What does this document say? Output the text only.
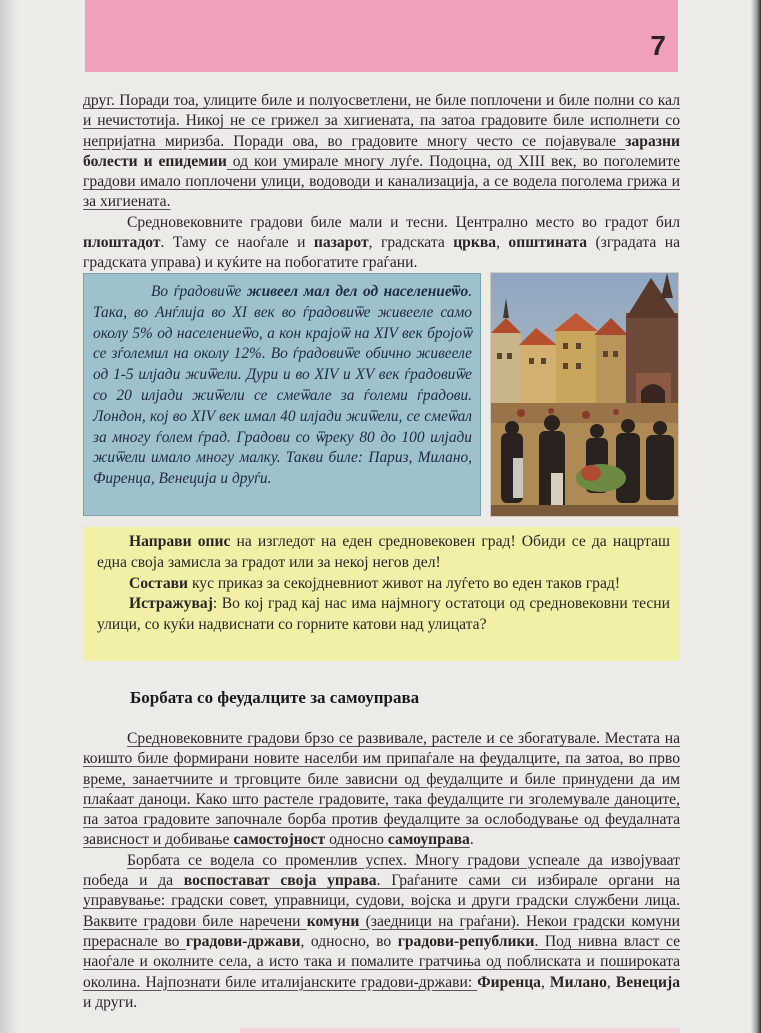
7

друг. Поради тоа, улиците биле и полуосветлени, не биле поплочени и биле полни со кал и нечистотија. Никој не се грижел за хигиената, па затоа градовите биле исполнети со непријатна миризба. Поради ова, во градовите многу често се појавувале заразни болести и епидемии од кои умирале многу луѓе. Подоцна, од XIII век, во поголемите градови имало поплочени улици, водоводи и канализација, а се водела поголема грижа и за хигиената.

Средновековните градови биле мали и тесни. Централно место во градот бил плоштадот. Таму се наоѓале и пазарот, градската црква, општината (зградата на градската управа) и куќите на побогатите граѓани.

Во ѓрадовиѿе живеел мал дел од населениеѿо. Така, во Анѓлија во XI век во ѓрадовиѿе живееле само околу 5% од населениеѿо, а кон крајоѿ на XIV век бројоѿ се зѓолемил на околу 12%. Во ѓрадовиѿе обично живееле од 1-5 илјади жиѿели. Дури и во XIV и XV век ѓрадовиѿе со 20 илјади жиѿели се смеѿале за ѓолеми ѓрадови. Лондон, кој во XIV век имал 40 илјади жиѿели, се смеѿал за многу ѓолем ѓрад. Градови со ѿреку 80 до 100 илјади жиѿели имало многу малку. Такви биле: Париз, Милано, Фиренца, Венеција и друѓи.

Направи опис на изгледот на еден средновековен град! Обиди се да нацрташ една своја замисла за градот или за некој негов дел!

Состави кус приказ за секојдневниот живот на луѓето во еден таков град!

Истражувај: Во кој град кај нас има најмногу остатоци од средновековни тесни улици, со куќи надвиснати со горните катови над улицата?

Борбата со феудалците за самоуправа

Средновековните градови брзо се развивале, растеле и се збогатувале. Местата на коишто биле формирани новите населби им припаѓале на феудалците, па затоа, во прво време, занаетчиите и трговците биле зависни од феудалците и биле принудени да им плаќаат даноци. Како што растеле градовите, така феудалците ги зголемувале даноците, па затоа градовите започнале борба против феудалците за ослободување од феудалната зависност и добивање самостојност односно самоуправа.

Борбата се водела со променлив успех. Многу градови успеале да извојуваат победа и да воспостават своја управа. Граѓаните сами си избирале органи на управување: градски совет, управници, судови, војска и други градски службени лица. Ваквите градови биле наречени комуни (заедници на граѓани). Некои градски комуни прераснале во градови-држави, односно, во градови-републики. Под нивна власт се наоѓале и околните села, а исто така и помалите гратчиња од поблиската и пошироката околина. Најпознати биле италијанските градови-држави: Фиренца, Милано, Венеција и други.
